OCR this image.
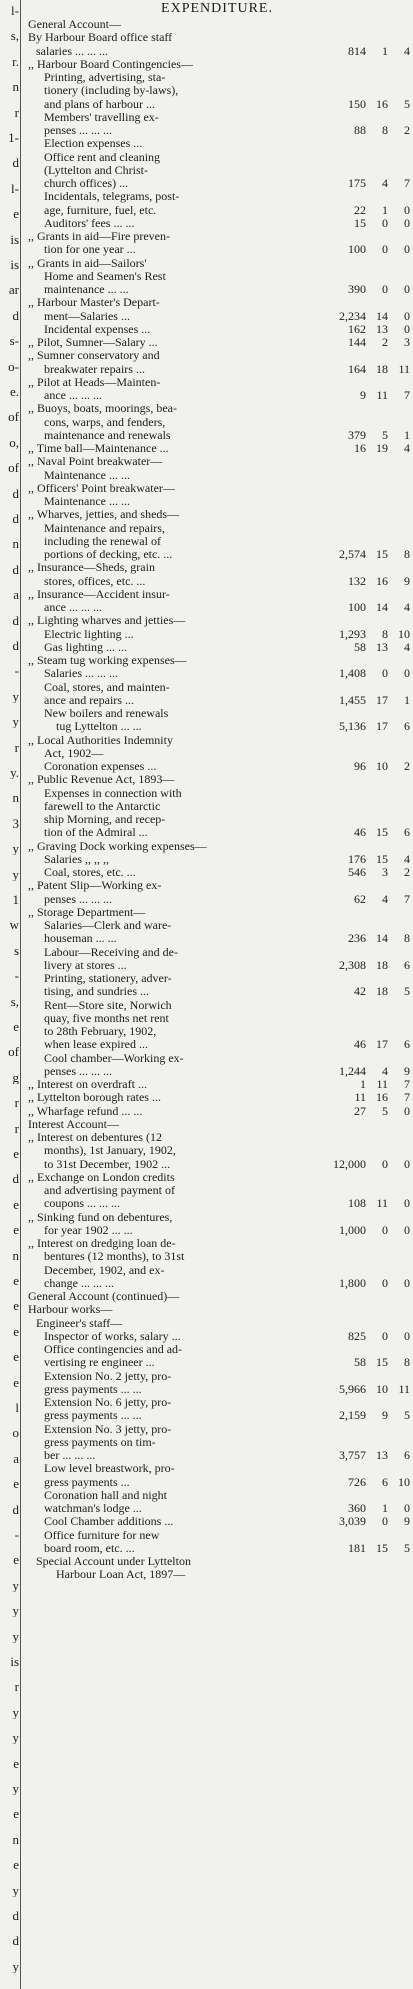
l-
s,
r.
n
r
1-
d
l-
e
is
is
ar
d
s-
o-
e.
of
o,
of
d
d
n
d
a
d
d
-
y
y
r
y.
n
3
y
y
1
w
s
-
s,
e
of
g
r
r
e
d
e
e
n
e
e
e
e
e
l
o
a
e
d
-
e
y
y
y
is
r
y
y
e
y
e
n
e
y
d
d
y
EXPENDITURE.
General Account—
By Harbour Board office staff
salaries ... ... ...	814	1	4
,, Harbour Board Contingencies—
Printing, advertising, sta-
tionery (including by-laws),
and plans of harbour ...	150 16	5
Members' travelling ex-
penses ... ... ...	88	8	2
Election expenses ...
Office rent and cleaning
(Lyttelton and Christ-
church offices) ...	175	4	7
Incidentals, telegrams, post-
age, furniture, fuel, etc.	22	1	0
Auditors' fees ... ...	15	0	0
,, Grants in aid—Fire preven-
tion for one year ...	100	0	0
,, Grants in aid—Sailors'
Home and Seamen's Rest
maintenance ... ...	390	0	0
,, Harbour Master's Depart-
ment—Salaries ...	2,234 14	0
Incidental expenses ...	162 13	0
,, Pilot, Sumner—Salary ...	144	2	3
,, Sumner conservatory and
breakwater repairs ...	164 18 11
,, Pilot at Heads—Mainten-
ance ... ... ...	9 11	7
,, Buoys, boats, moorings, bea-
cons, warps, and fenders,
maintenance and renewals	379	5	1
,, Time ball—Maintenance ...	16 19	4
,, Naval Point breakwater—
Maintenance ... ...
,, Officers' Point breakwater—
Maintenance ... ...
,, Wharves, jetties, and sheds—
Maintenance and repairs,
including the renewal of
portions of decking, etc. ...	2,574 15	8
,, Insurance—Sheds, grain
stores, offices, etc. ...	132 16	9
,, Insurance—Accident insur-
ance ... ... ...	100 14	4
,, Lighting wharves and jetties—
Electric lighting ...	1,293	8 10
Gas lighting ... ...	58 13	4
,, Steam tug working expenses—
Salaries ... ... ...	1,408	0	0
Coal, stores, and mainten-
ance and repairs ...	1,455 17	1
New boilers and renewals
tug Lyttelton ... ...	5,136 17	6
,, Local Authorities Indemnity
Act, 1902—
Coronation expenses ...	96 10	2
,, Public Revenue Act, 1893—
Expenses in connection with
farewell to the Antarctic
ship Morning, and recep-
tion of the Admiral ...	46 15	6
,, Graving Dock working expenses—
Salaries ,, ,, ,,	176 15	4
Coal, stores, etc. ...	546	3	2
,, Patent Slip—Working ex-
penses ... ... ...	62	4	7
,, Storage Department—
Salaries—Clerk and ware-
houseman ... ...	236 14	8
Labour—Receiving and de-
livery at stores ...	2,308 18	6
Printing, stationery, adver-
tising, and sundries ...	42 18	5
Rent—Store site, Norwich
quay, five months net rent
to 28th February, 1902,
when lease expired ...	46 17	6
Cool chamber—Working ex-
penses ... ... ...	1,244	4	9
,, Interest on overdraft ...	1 11	7
,, Lyttelton borough rates ...	11 16	7
,, Wharfage refund ... ...	27	5	0
Interest Account—
,, Interest on debentures (12
months), 1st January, 1902,
to 31st December, 1902 ...	12,000	0	0
,, Exchange on London credits
and advertising payment of
coupons ... ... ...	108 11	0
,, Sinking fund on debentures,
for year 1902 ... ...	1,000	0	0
,, Interest on dredging loan de-
bentures (12 months), to 31st
December, 1902, and ex-
change ... ... ...	1,800	0	0
General Account (continued)—
Harbour works—
Engineer's staff—
Inspector of works, salary ...	825	0	0
Office contingencies and ad-
vertising re engineer ...	58 15	8
Extension No. 2 jetty, pro-
gress payments ... ...	5,966 10 11
Extension No. 6 jetty, pro-
gress payments ... ...	2,159	9	5
Extension No. 3 jetty, pro-
gress payments on tim-
ber ... ... ...	3,757 13	6
Low level breastwork, pro-
gress payments ...	726	6 10
Coronation hall and night
watchman's lodge ...	360	1	0
Cool Chamber additions ...	3,039	0	9
Office furniture for new
board room, etc. ...	181 15	5
Special Account under Lyttelton
Harbour Loan Act, 1897—
